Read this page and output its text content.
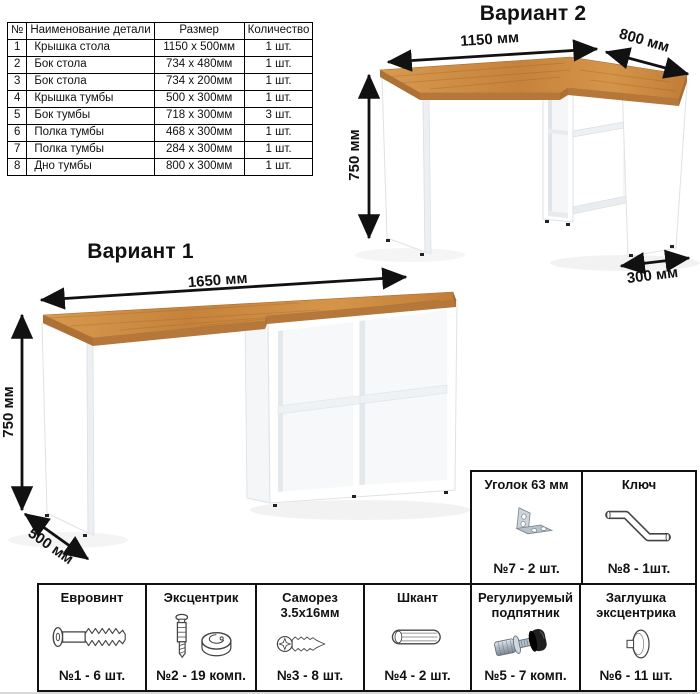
№	Наименование детали	Размер	Количество
1	Крышка стола	1150 x 500мм	1 шт.
2	Бок стола	734 x 480мм	1 шт.
3	Бок стола	734 x 200мм	1 шт.
4	Крышка тумбы	500 x 300мм	1 шт.
5	Бок тумбы	718 x 300мм	3 шт.
6	Полка тумбы	468 x 300мм	1 шт.
7	Полка тумбы	284 x 300мм	1 шт.
8	Дно тумбы	800 x 300мм	1 шт.
Вариант 2
1150 мм	800 мм
750 мм
300 мм
Вариант 1
1650 мм
750 мм
500 мм
Уголок 63 мм
№7 - 2 шт.
Ключ
№8 - 1шт.
Евровинт
№1 - 6 шт.
Эксцентрик
№2 - 19 комп.
Саморез
3.5x16мм
№3 - 8 шт.
Шкант
№4 - 2 шт.
Регулируемый подпятник
№5 - 7 комп.
Заглушка эксцентрика
№6 - 11 шт.
